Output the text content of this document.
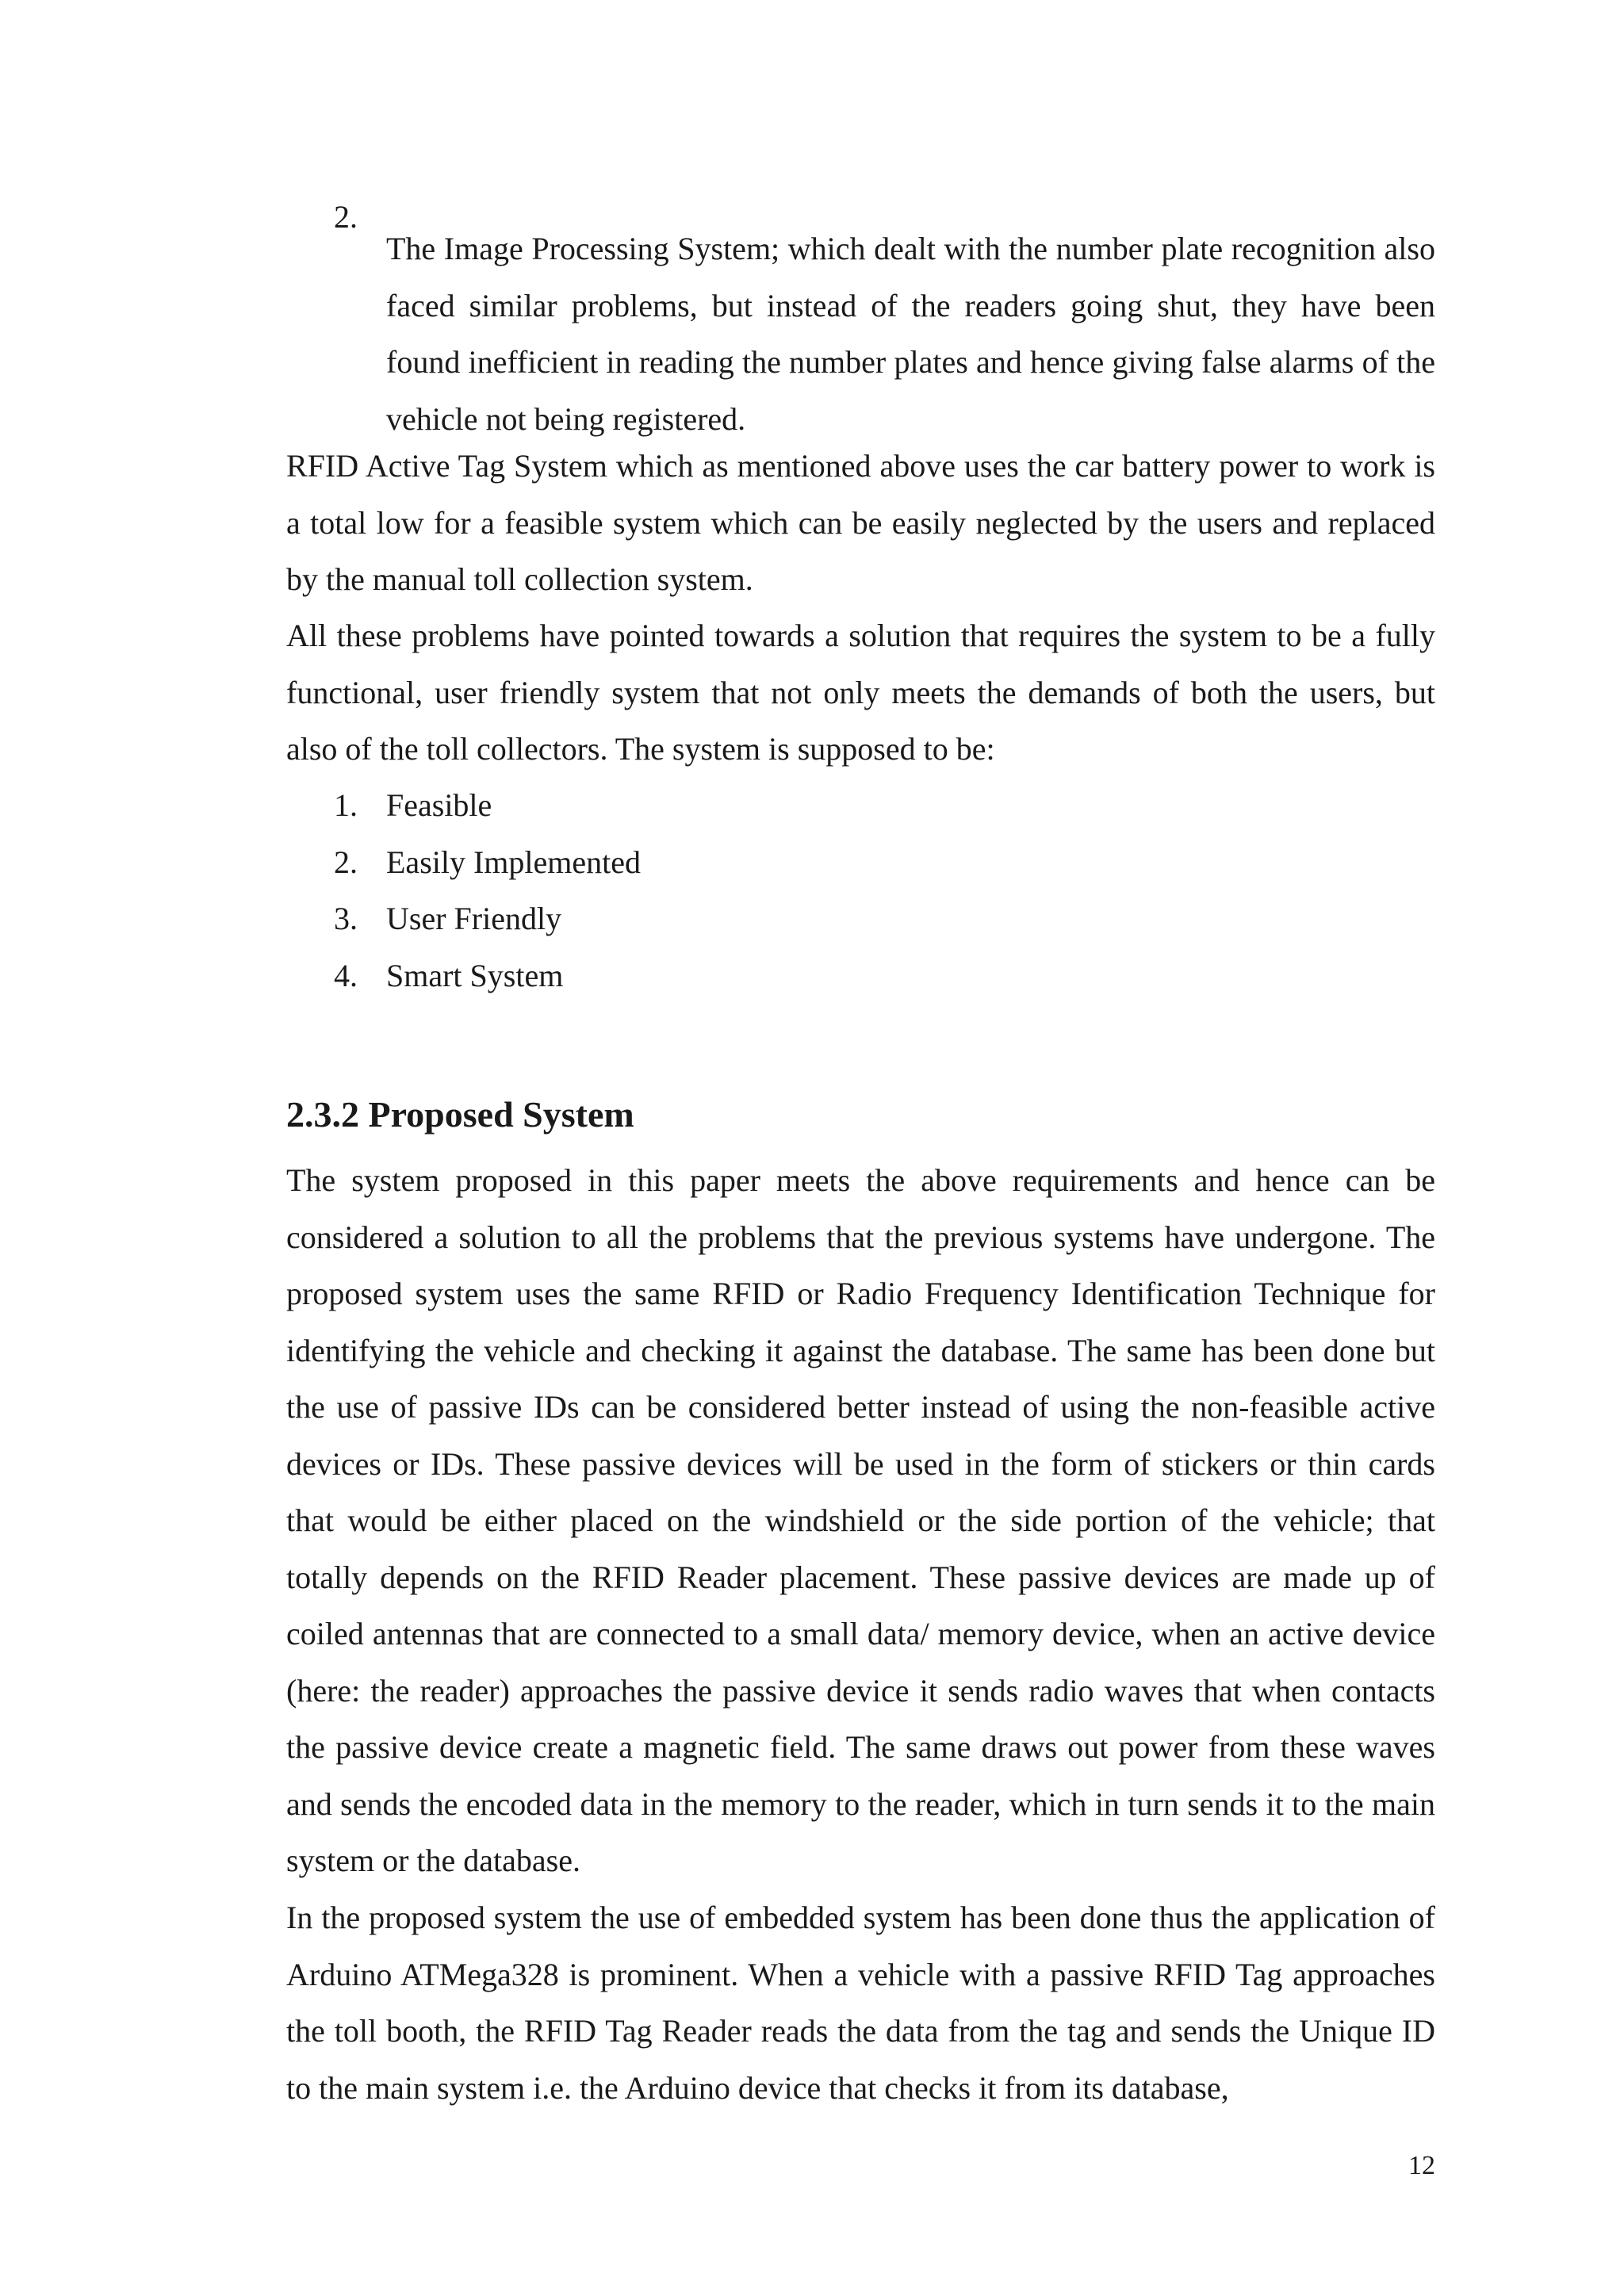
2.

The Image Processing System; which dealt with the number plate recognition also faced similar problems, but instead of the readers going shut, they have been found inefficient in reading the number plates and hence giving false alarms of the vehicle not being registered.

RFID Active Tag System which as mentioned above uses the car battery power to work is a total low for a feasible system which can be easily neglected by the users and replaced by the manual toll collection system.

All these problems have pointed towards a solution that requires the system to be a fully functional, user friendly system that not only meets the demands of both the users, but also of the toll collectors. The system is supposed to be:

1. Feasible
2. Easily Implemented
3. User Friendly
4. Smart System
2.3.2 Proposed System

The system proposed in this paper meets the above requirements and hence can be considered a solution to all the problems that the previous systems have undergone. The proposed system uses the same RFID or Radio Frequency Identification Technique for identifying the vehicle and checking it against the database. The same has been done but the use of passive IDs can be considered better instead of using the non-feasible active devices or IDs. These passive devices will be used in the form of stickers or thin cards that would be either placed on the windshield or the side portion of the vehicle; that totally depends on the RFID Reader placement. These passive devices are made up of coiled antennas that are connected to a small data/ memory device, when an active device (here: the reader) approaches the passive device it sends radio waves that when contacts the passive device create a magnetic field. The same draws out power from these waves and sends the encoded data in the memory to the reader, which in turn sends it to the main system or the database.

In the proposed system the use of embedded system has been done thus the application of Arduino ATMega328 is prominent. When a vehicle with a passive RFID Tag approaches the toll booth, the RFID Tag Reader reads the data from the tag and sends the Unique ID to the main system i.e. the Arduino device that checks it from its database,

12
